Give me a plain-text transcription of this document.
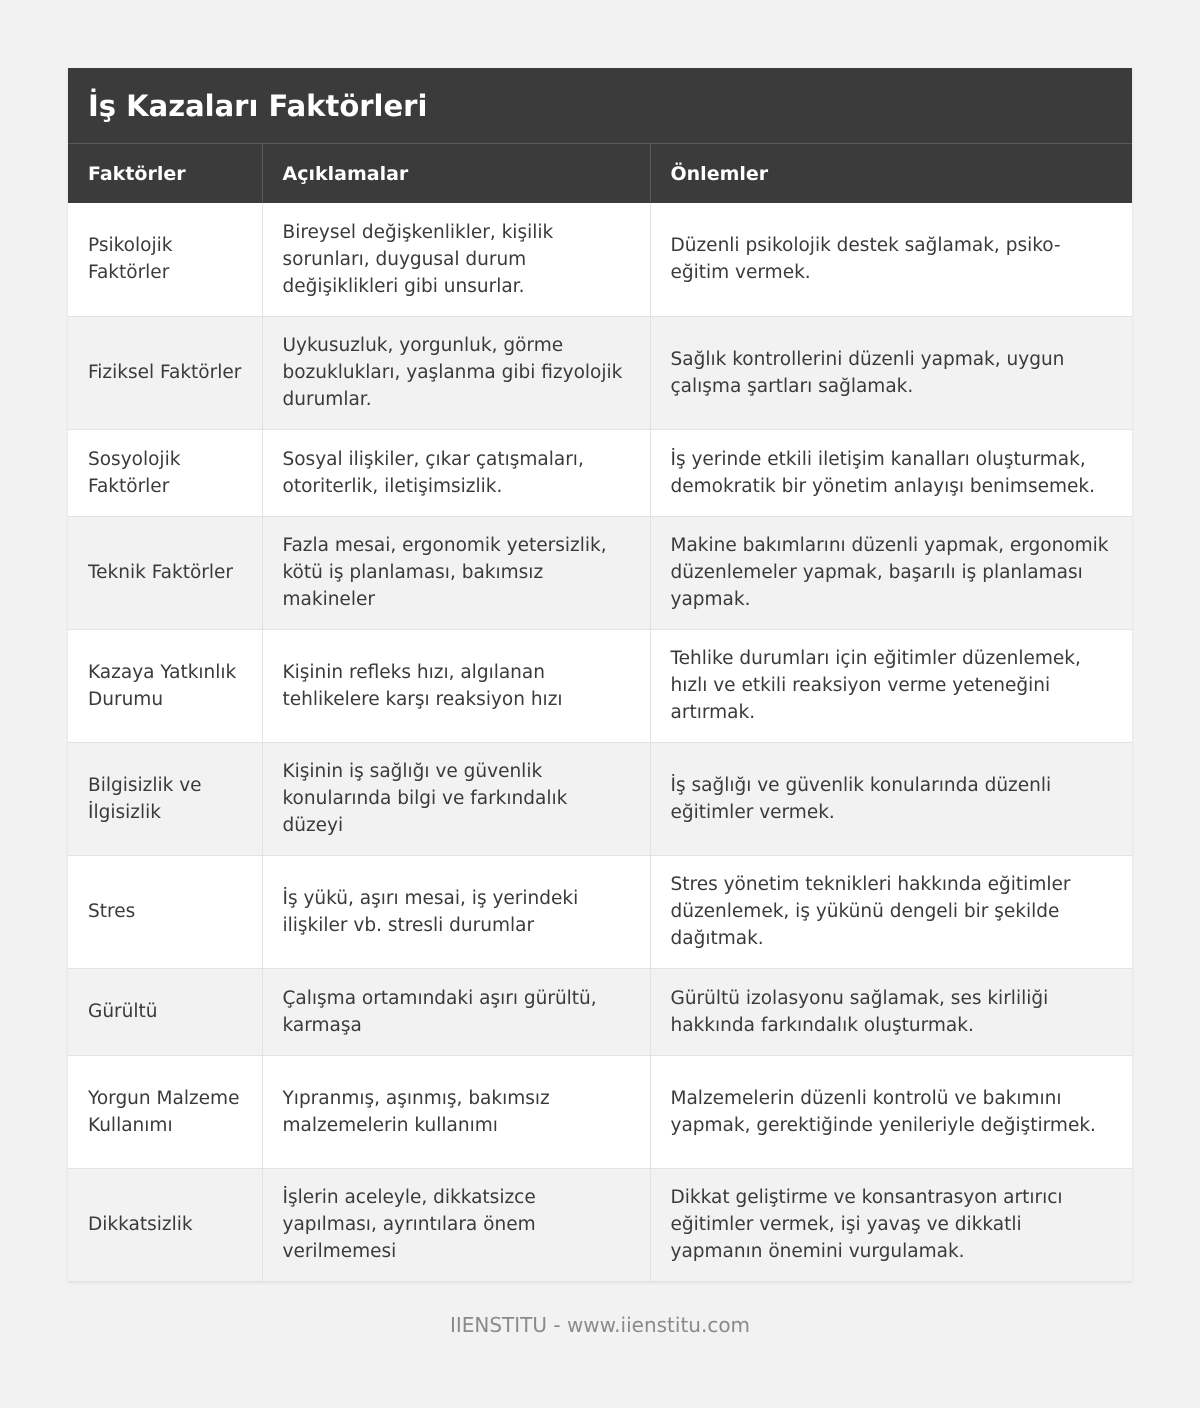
İş Kazaları Faktörleri
Faktörler	Açıklamalar	Önlemler
Psikolojik Faktörler	Bireysel değişkenlikler, kişilik sorunları, duygusal durum değişiklikleri gibi unsurlar.	Düzenli psikolojik destek sağlamak, psiko-eğitim vermek.
Fiziksel Faktörler	Uykusuzluk, yorgunluk, görme bozuklukları, yaşlanma gibi fizyolojik durumlar.	Sağlık kontrollerini düzenli yapmak, uygun çalışma şartları sağlamak.
Sosyolojik Faktörler	Sosyal ilişkiler, çıkar çatışmaları, otoriterlik, iletişimsizlik.	İş yerinde etkili iletişim kanalları oluşturmak, demokratik bir yönetim anlayışı benimsemek.
Teknik Faktörler	Fazla mesai, ergonomik yetersizlik, kötü iş planlaması, bakımsız makineler	Makine bakımlarını düzenli yapmak, ergonomik düzenlemeler yapmak, başarılı iş planlaması yapmak.
Kazaya Yatkınlık Durumu	Kişinin refleks hızı, algılanan tehlikelere karşı reaksiyon hızı	Tehlike durumları için eğitimler düzenlemek, hızlı ve etkili reaksiyon verme yeteneğini artırmak.
Bilgisizlik ve İlgisizlik	Kişinin iş sağlığı ve güvenlik konularında bilgi ve farkındalık düzeyi	İş sağlığı ve güvenlik konularında düzenli eğitimler vermek.
Stres	İş yükü, aşırı mesai, iş yerindeki ilişkiler vb. stresli durumlar	Stres yönetim teknikleri hakkında eğitimler düzenlemek, iş yükünü dengeli bir şekilde dağıtmak.
Gürültü	Çalışma ortamındaki aşırı gürültü, karmaşa	Gürültü izolasyonu sağlamak, ses kirliliği hakkında farkındalık oluşturmak.
Yorgun Malzeme Kullanımı	Yıpranmış, aşınmış, bakımsız malzemelerin kullanımı	Malzemelerin düzenli kontrolü ve bakımını yapmak, gerektiğinde yenileriyle değiştirmek.
Dikkatsizlik	İşlerin aceleyle, dikkatsizce yapılması, ayrıntılara önem verilmemesi	Dikkat geliştirme ve konsantrasyon artırıcı eğitimler vermek, işi yavaş ve dikkatli yapmanın önemini vurgulamak.
IIENSTITU - www.iienstitu.com
